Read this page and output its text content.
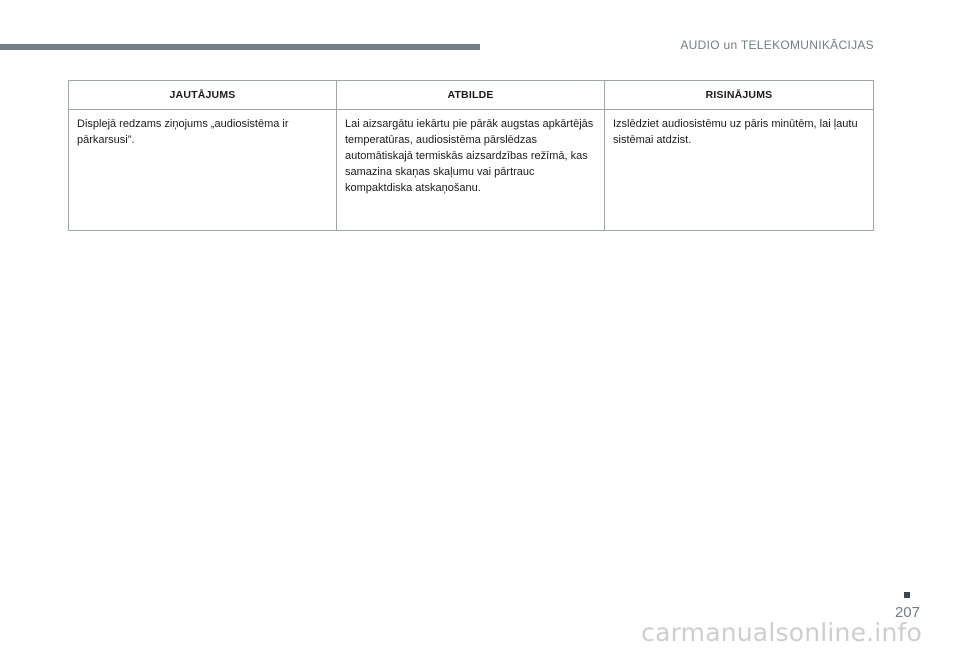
AUDIO un TELEKOMUNIKĀCIJAS
JAUTĀJUMS	ATBILDE	RISINĀJUMS
Displejā redzams ziņojums „audiosistēma ir pārkarsusi”.	Lai aizsargātu iekārtu pie pārāk augstas apkārtējās temperatūras, audiosistēma pārslēdzas automātiskajā termiskās aizsardzības režīmā, kas samazina skaņas skaļumu vai pārtrauc kompaktdiska atskaņošanu.	Izslēdziet audiosistēmu uz pāris minūtēm, lai ļautu sistēmai atdzist.
207
carmanualsonline.info
